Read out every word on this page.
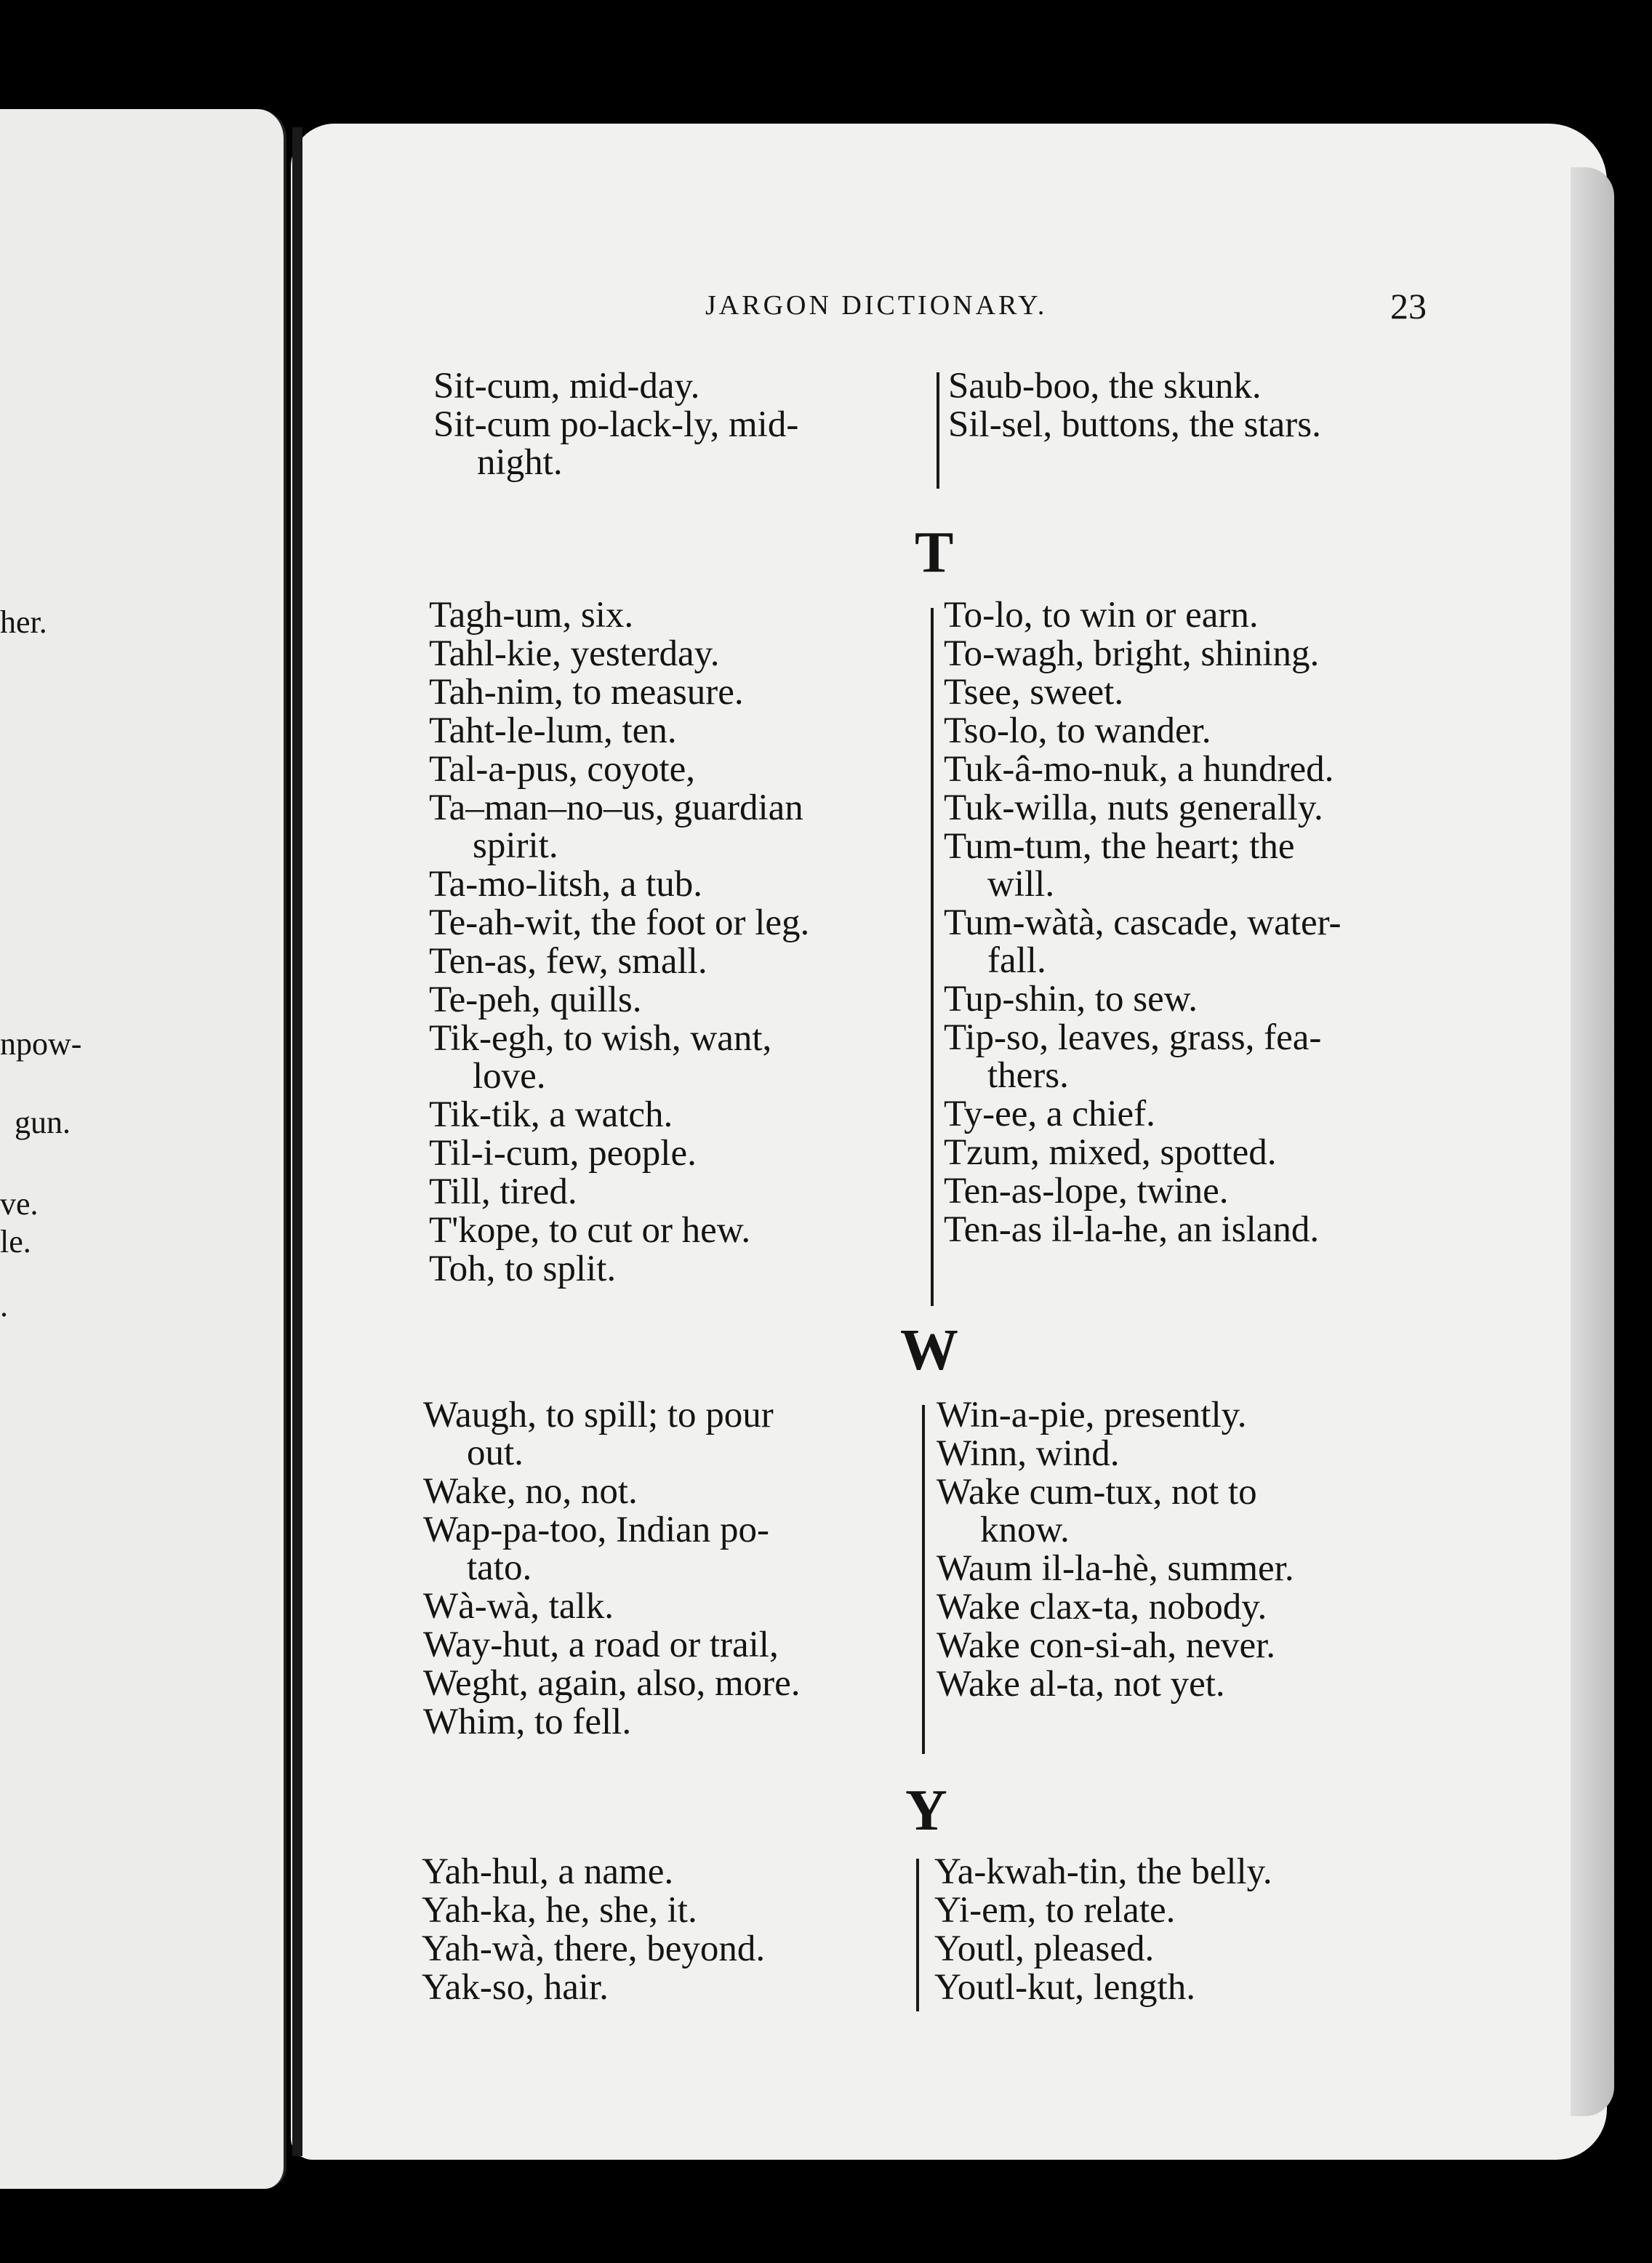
her.
npow-
gun.
ve.
le.
.
JARGON DICTIONARY.	23
Sit-cum, mid-day.
Sit-cum po-lack-ly, mid-
night.
Saub-boo, the skunk.
Sil-sel, buttons, the stars.
T
Tagh-um, six.
Tahl-kie, yesterday.
Tah-nim, to measure.
Taht-le-lum, ten.
Tal-a-pus, coyote,
Ta–man–no–us, guardian
spirit.
Ta-mo-litsh, a tub.
Te-ah-wit, the foot or leg.
Ten-as, few, small.
Te-peh, quills.
Tik-egh, to wish, want,
love.
Tik-tik, a watch.
Til-i-cum, people.
Till, tired.
T'kope, to cut or hew.
Toh, to split.
To-lo, to win or earn.
To-wagh, bright, shining.
Tsee, sweet.
Tso-lo, to wander.
Tuk-â-mo-nuk, a hundred.
Tuk-willa, nuts generally.
Tum-tum, the heart; the
will.
Tum-wàtà, cascade, water-
fall.
Tup-shin, to sew.
Tip-so, leaves, grass, fea-
thers.
Ty-ee, a chief.
Tzum, mixed, spotted.
Ten-as-lope, twine.
Ten-as il-la-he, an island.
W
Waugh, to spill; to pour
out.
Wake, no, not.
Wap-pa-too, Indian po-
tato.
Wà-wà, talk.
Way-hut, a road or trail,
Weght, again, also, more.
Whim, to fell.
Win-a-pie, presently.
Winn, wind.
Wake cum-tux, not to
know.
Waum il-la-hè, summer.
Wake clax-ta, nobody.
Wake con-si-ah, never.
Wake al-ta, not yet.
Y
Yah-hul, a name.
Yah-ka, he, she, it.
Yah-wà, there, beyond.
Yak-so, hair.
Ya-kwah-tin, the belly.
Yi-em, to relate.
Youtl, pleased.
Youtl-kut, length.
